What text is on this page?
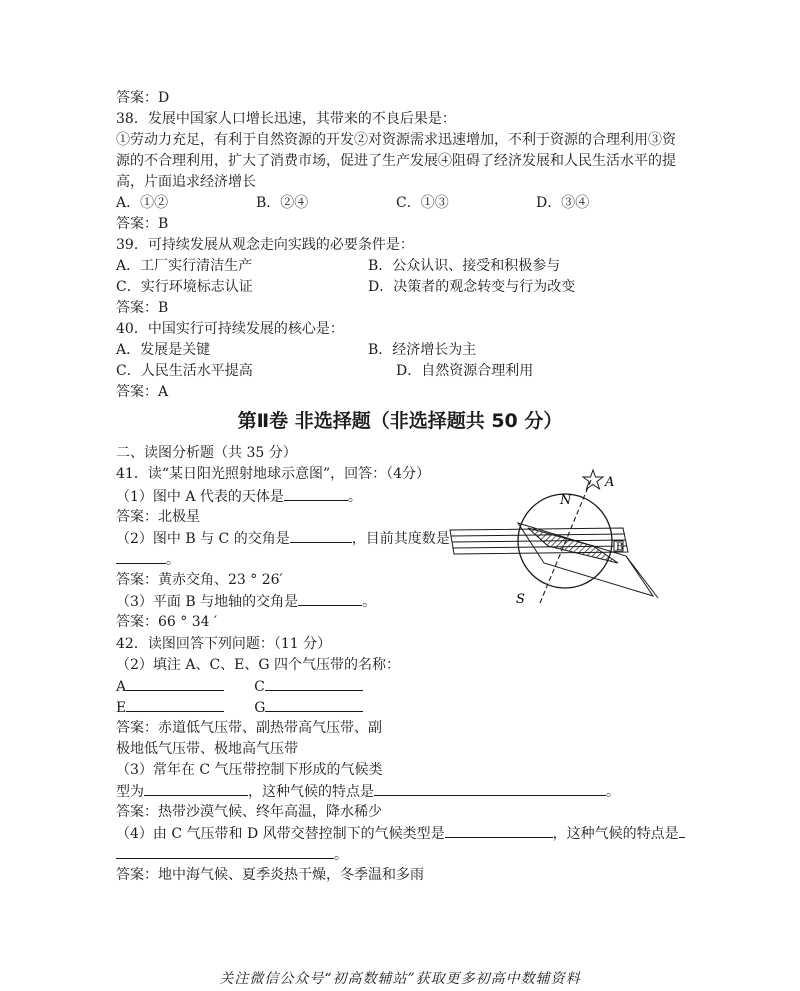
答案：D
38．发展中国家人口增长迅速，其带来的不良后果是：
①劳动力充足，有利于自然资源的开发②对资源需求迅速增加，不利于资源的合理利用③资
源的不合理利用，扩大了消费市场，促进了生产发展④阻碍了经济发展和人民生活水平的提
高，片面追求经济增长
A．①②	B．②④	C．①③	D．③④
答案：B
39．可持续发展从观念走向实践的必要条件是：
A．工厂实行清洁生产	B．公众认识、接受和积极参与
C．实行环境标志认证	D．决策者的观念转变与行为改变
答案：B
40．中国实行可持续发展的核心是：
A．发展是关键	B．经济增长为主
C．人民生活水平提高	D．自然资源合理利用
答案：A
第Ⅱ卷 非选择题（非选择题共 50 分）
二、读图分析题（共 35 分）
41．读“某日阳光照射地球示意图”，回答：（4分）
（1）图中 A 代表的天体是	。
答案：北极星
（2）图中 B 与 C 的交角是	，目前其度数是
。
答案：黄赤交角、23 ° 26′
（3）平面 B 与地轴的交角是	。
答案：66 ° 34 ′
A
N
B
S
42．读图回答下列问题：（11 分）
（2）填注 A、C、E、G 四个气压带的名称：
A	C
E	G
答案：赤道低气压带、副热带高气压带、副
极地低气压带、极地高气压带
（3）常年在 C 气压带控制下形成的气候类
型为	，这种气候的特点是	。
答案：热带沙漠气候、终年高温，降水稀少
（4）由 C 气压带和 D 风带交替控制下的气候类型是	，这种气候的特点是
。
答案：地中海气候、夏季炎热干燥，冬季温和多雨
关注微信公众号“初高数辅站”获取更多初高中数辅资料
